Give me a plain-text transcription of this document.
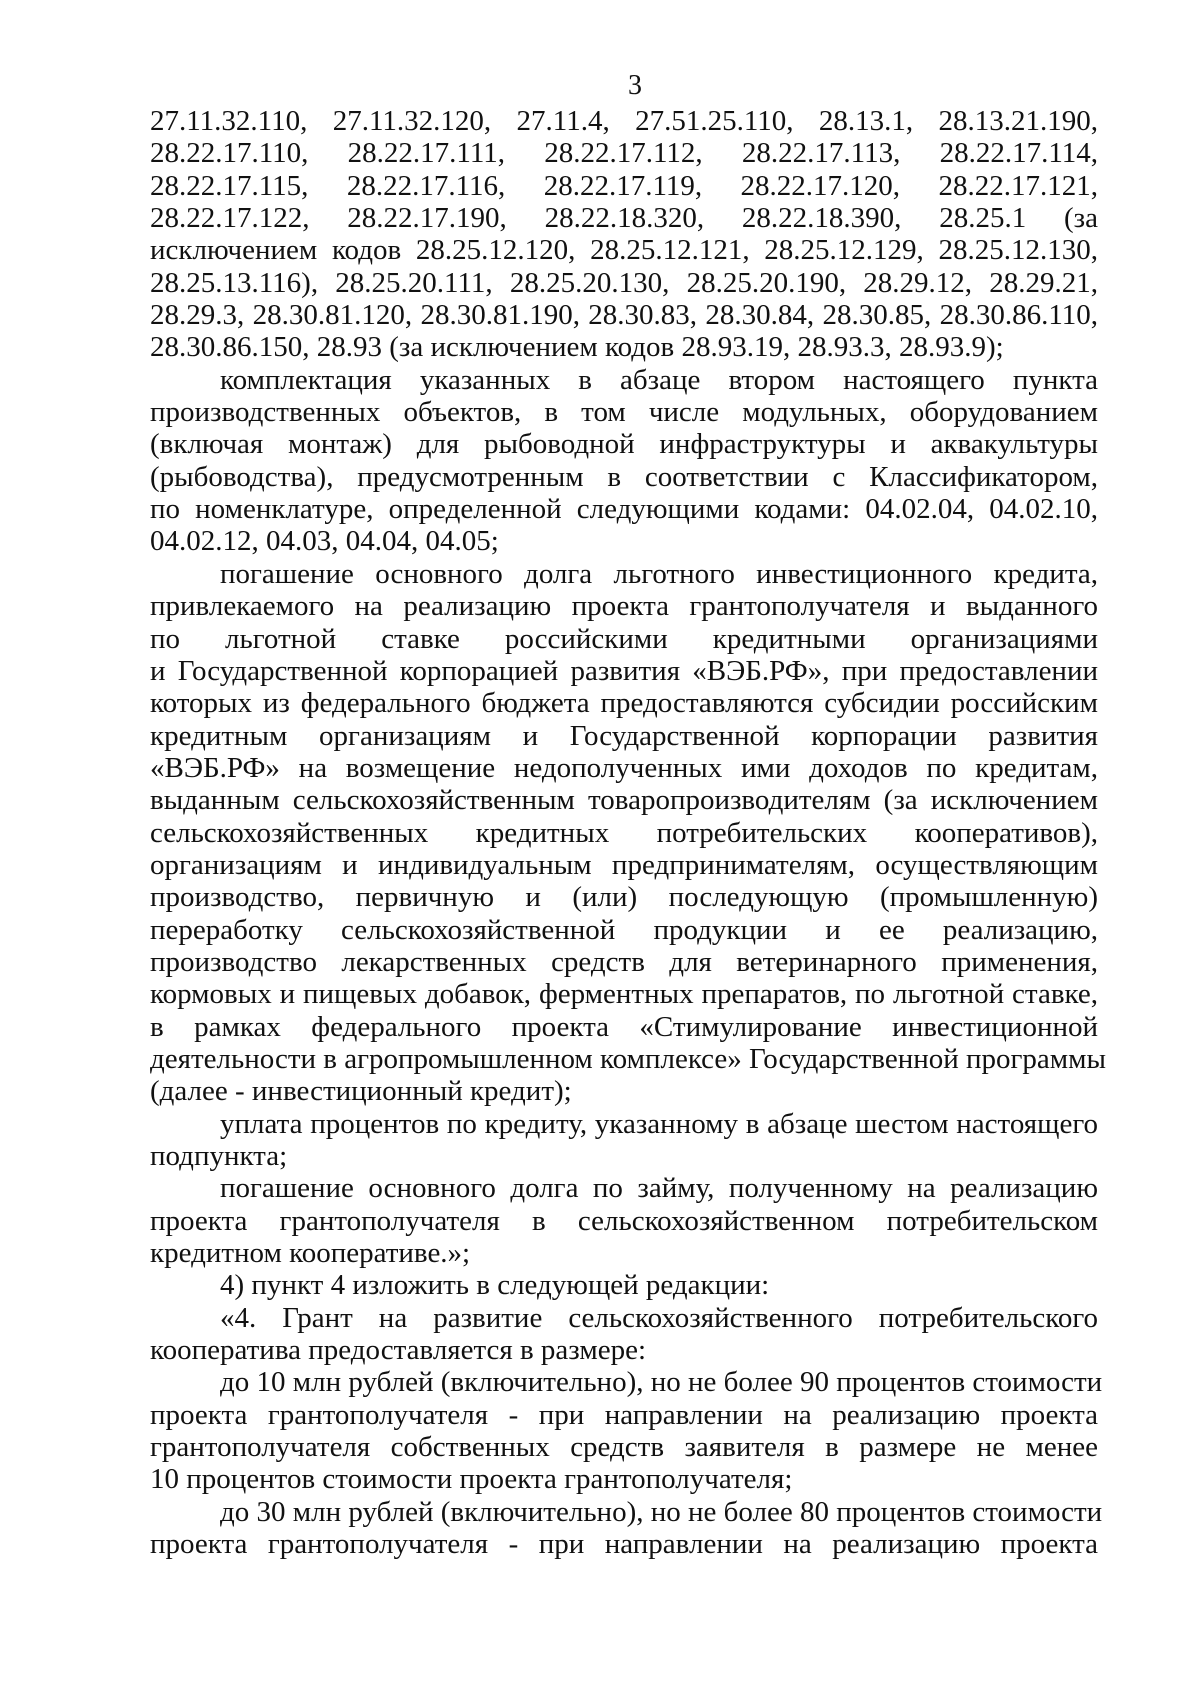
3
27.11.32.110, 27.11.32.120, 27.11.4, 27.51.25.110, 28.13.1, 28.13.21.190,
28.22.17.110, 28.22.17.111, 28.22.17.112, 28.22.17.113, 28.22.17.114,
28.22.17.115, 28.22.17.116, 28.22.17.119, 28.22.17.120, 28.22.17.121,
28.22.17.122, 28.22.17.190, 28.22.18.320, 28.22.18.390, 28.25.1 (за
исключением кодов 28.25.12.120, 28.25.12.121, 28.25.12.129, 28.25.12.130,
28.25.13.116), 28.25.20.111, 28.25.20.130, 28.25.20.190, 28.29.12, 28.29.21,
28.29.3, 28.30.81.120, 28.30.81.190, 28.30.83, 28.30.84, 28.30.85, 28.30.86.110,
28.30.86.150, 28.93 (за исключением кодов 28.93.19, 28.93.3, 28.93.9);
комплектация указанных в абзаце втором настоящего пункта
производственных объектов, в том числе модульных, оборудованием
(включая монтаж) для рыбоводной инфраструктуры и аквакультуры
(рыбоводства), предусмотренным в соответствии с Классификатором,
по номенклатуре, определенной следующими кодами: 04.02.04, 04.02.10,
04.02.12, 04.03, 04.04, 04.05;
погашение основного долга льготного инвестиционного кредита,
привлекаемого на реализацию проекта грантополучателя и выданного
по льготной ставке российскими кредитными организациями
и Государственной корпорацией развития «ВЭБ.РФ», при предоставлении
которых из федерального бюджета предоставляются субсидии российским
кредитным организациям и Государственной корпорации развития
«ВЭБ.РФ» на возмещение недополученных ими доходов по кредитам,
выданным сельскохозяйственным товаропроизводителям (за исключением
сельскохозяйственных кредитных потребительских кооперативов),
организациям и индивидуальным предпринимателям, осуществляющим
производство, первичную и (или) последующую (промышленную)
переработку сельскохозяйственной продукции и ее реализацию,
производство лекарственных средств для ветеринарного применения,
кормовых и пищевых добавок, ферментных препаратов, по льготной ставке,
в рамках федерального проекта «Стимулирование инвестиционной
деятельности в агропромышленном комплексе» Государственной программы
(далее - инвестиционный кредит);
уплата процентов по кредиту, указанному в абзаце шестом настоящего
подпункта;
погашение основного долга по займу, полученному на реализацию
проекта грантополучателя в сельскохозяйственном потребительском
кредитном кооперативе.»;
4) пункт 4 изложить в следующей редакции:
«4. Грант на развитие сельскохозяйственного потребительского
кооператива предоставляется в размере:
до 10 млн рублей (включительно), но не более 90 процентов стоимости
проекта грантополучателя - при направлении на реализацию проекта
грантополучателя собственных средств заявителя в размере не менее
10 процентов стоимости проекта грантополучателя;
до 30 млн рублей (включительно), но не более 80 процентов стоимости
проекта грантополучателя - при направлении на реализацию проекта
